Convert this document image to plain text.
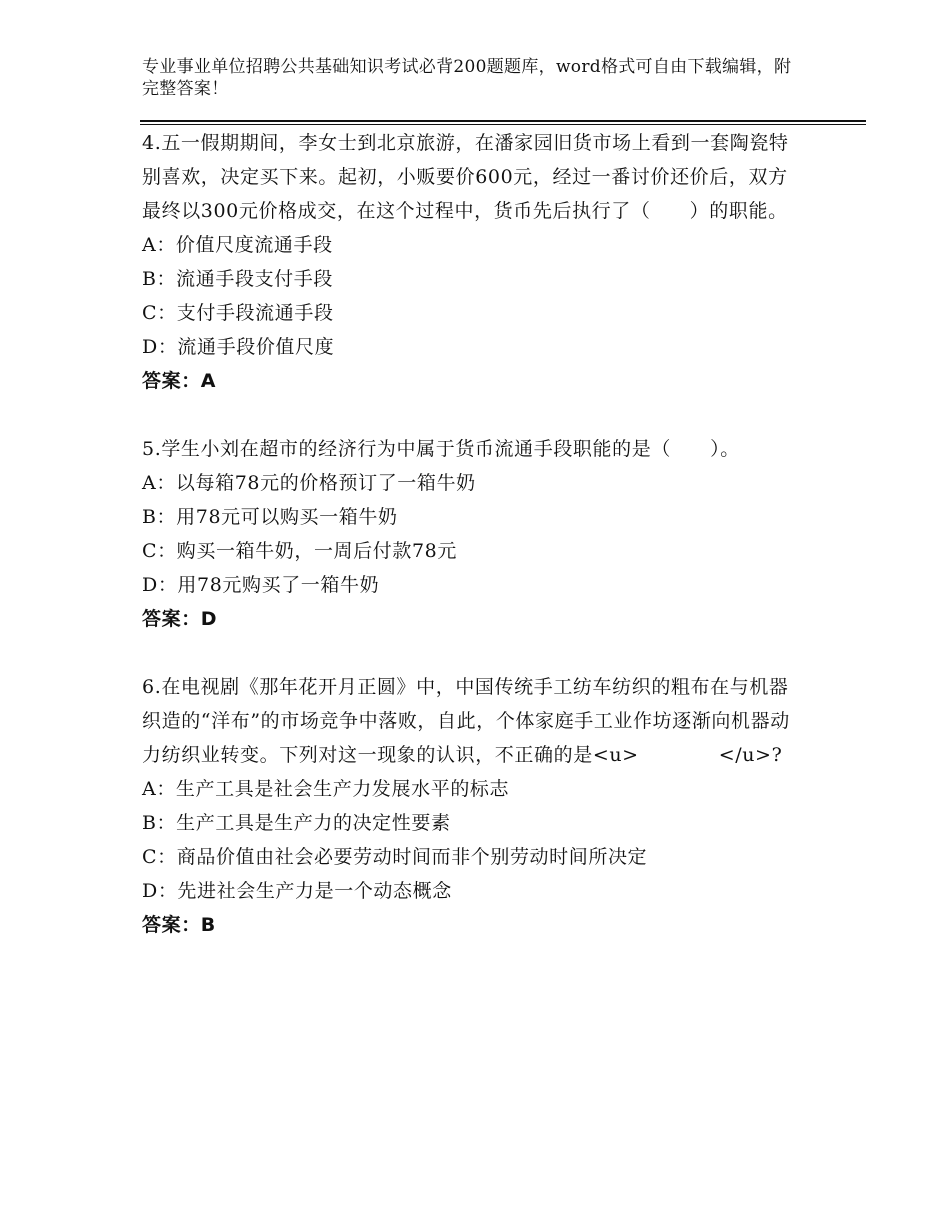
专业事业单位招聘公共基础知识考试必背200题题库，word格式可自由下载编辑，附完整答案！

4.五一假期期间，李女士到北京旅游，在潘家园旧货市场上看到一套陶瓷特别喜欢，决定买下来。起初，小贩要价600元，经过一番讨价还价后，双方最终以300元价格成交，在这个过程中，货币先后执行了（　　）的职能。

A：价值尺度流通手段

B：流通手段支付手段

C：支付手段流通手段

D：流通手段价值尺度

答案：A

5.学生小刘在超市的经济行为中属于货币流通手段职能的是（　　）。

A：以每箱78元的价格预订了一箱牛奶

B：用78元可以购买一箱牛奶

C：购买一箱牛奶，一周后付款78元

D：用78元购买了一箱牛奶

答案：D

6.在电视剧《那年花开月正圆》中，中国传统手工纺车纺织的粗布在与机器织造的“洋布”的市场竞争中落败，自此，个体家庭手工业作坊逐渐向机器动力纺织业转变。下列对这一现象的认识，不正确的是<u>	</u>?

A：生产工具是社会生产力发展水平的标志

B：生产工具是生产力的决定性要素

C：商品价值由社会必要劳动时间而非个别劳动时间所决定

D：先进社会生产力是一个动态概念

答案：B
